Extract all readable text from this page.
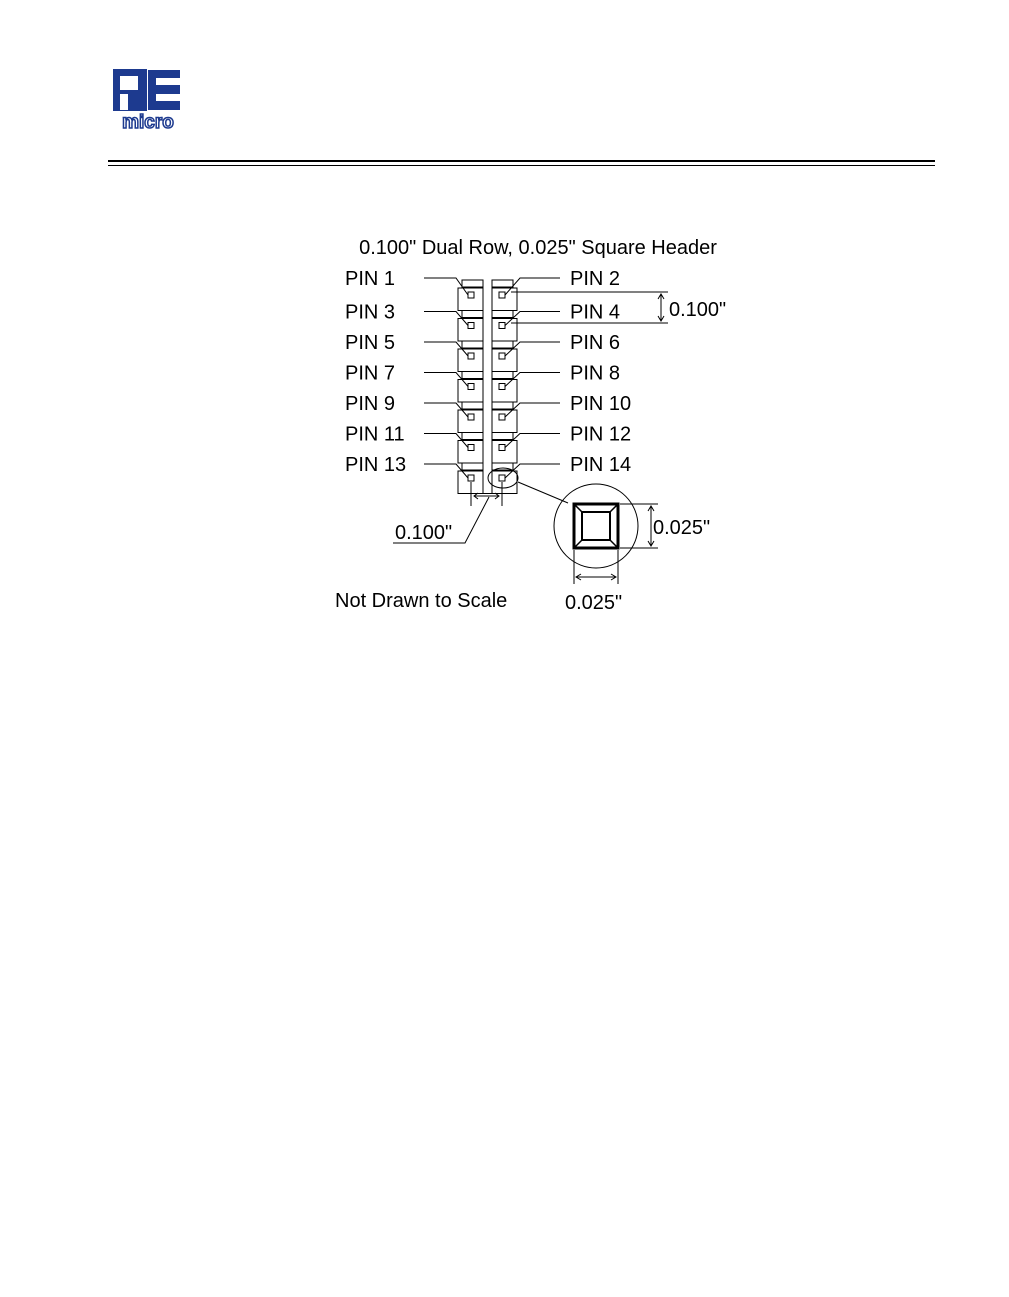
micro
0.100" Dual Row, 0.025" Square Header
PIN 1
PIN 3
PIN 5
PIN 7
PIN 9
PIN 11
PIN 13
PIN 2
PIN 4
PIN 6
PIN 8
PIN 10
PIN 12
PIN 14
0.100"
0.100"	0.025"
0.025"
Not Drawn to Scale
